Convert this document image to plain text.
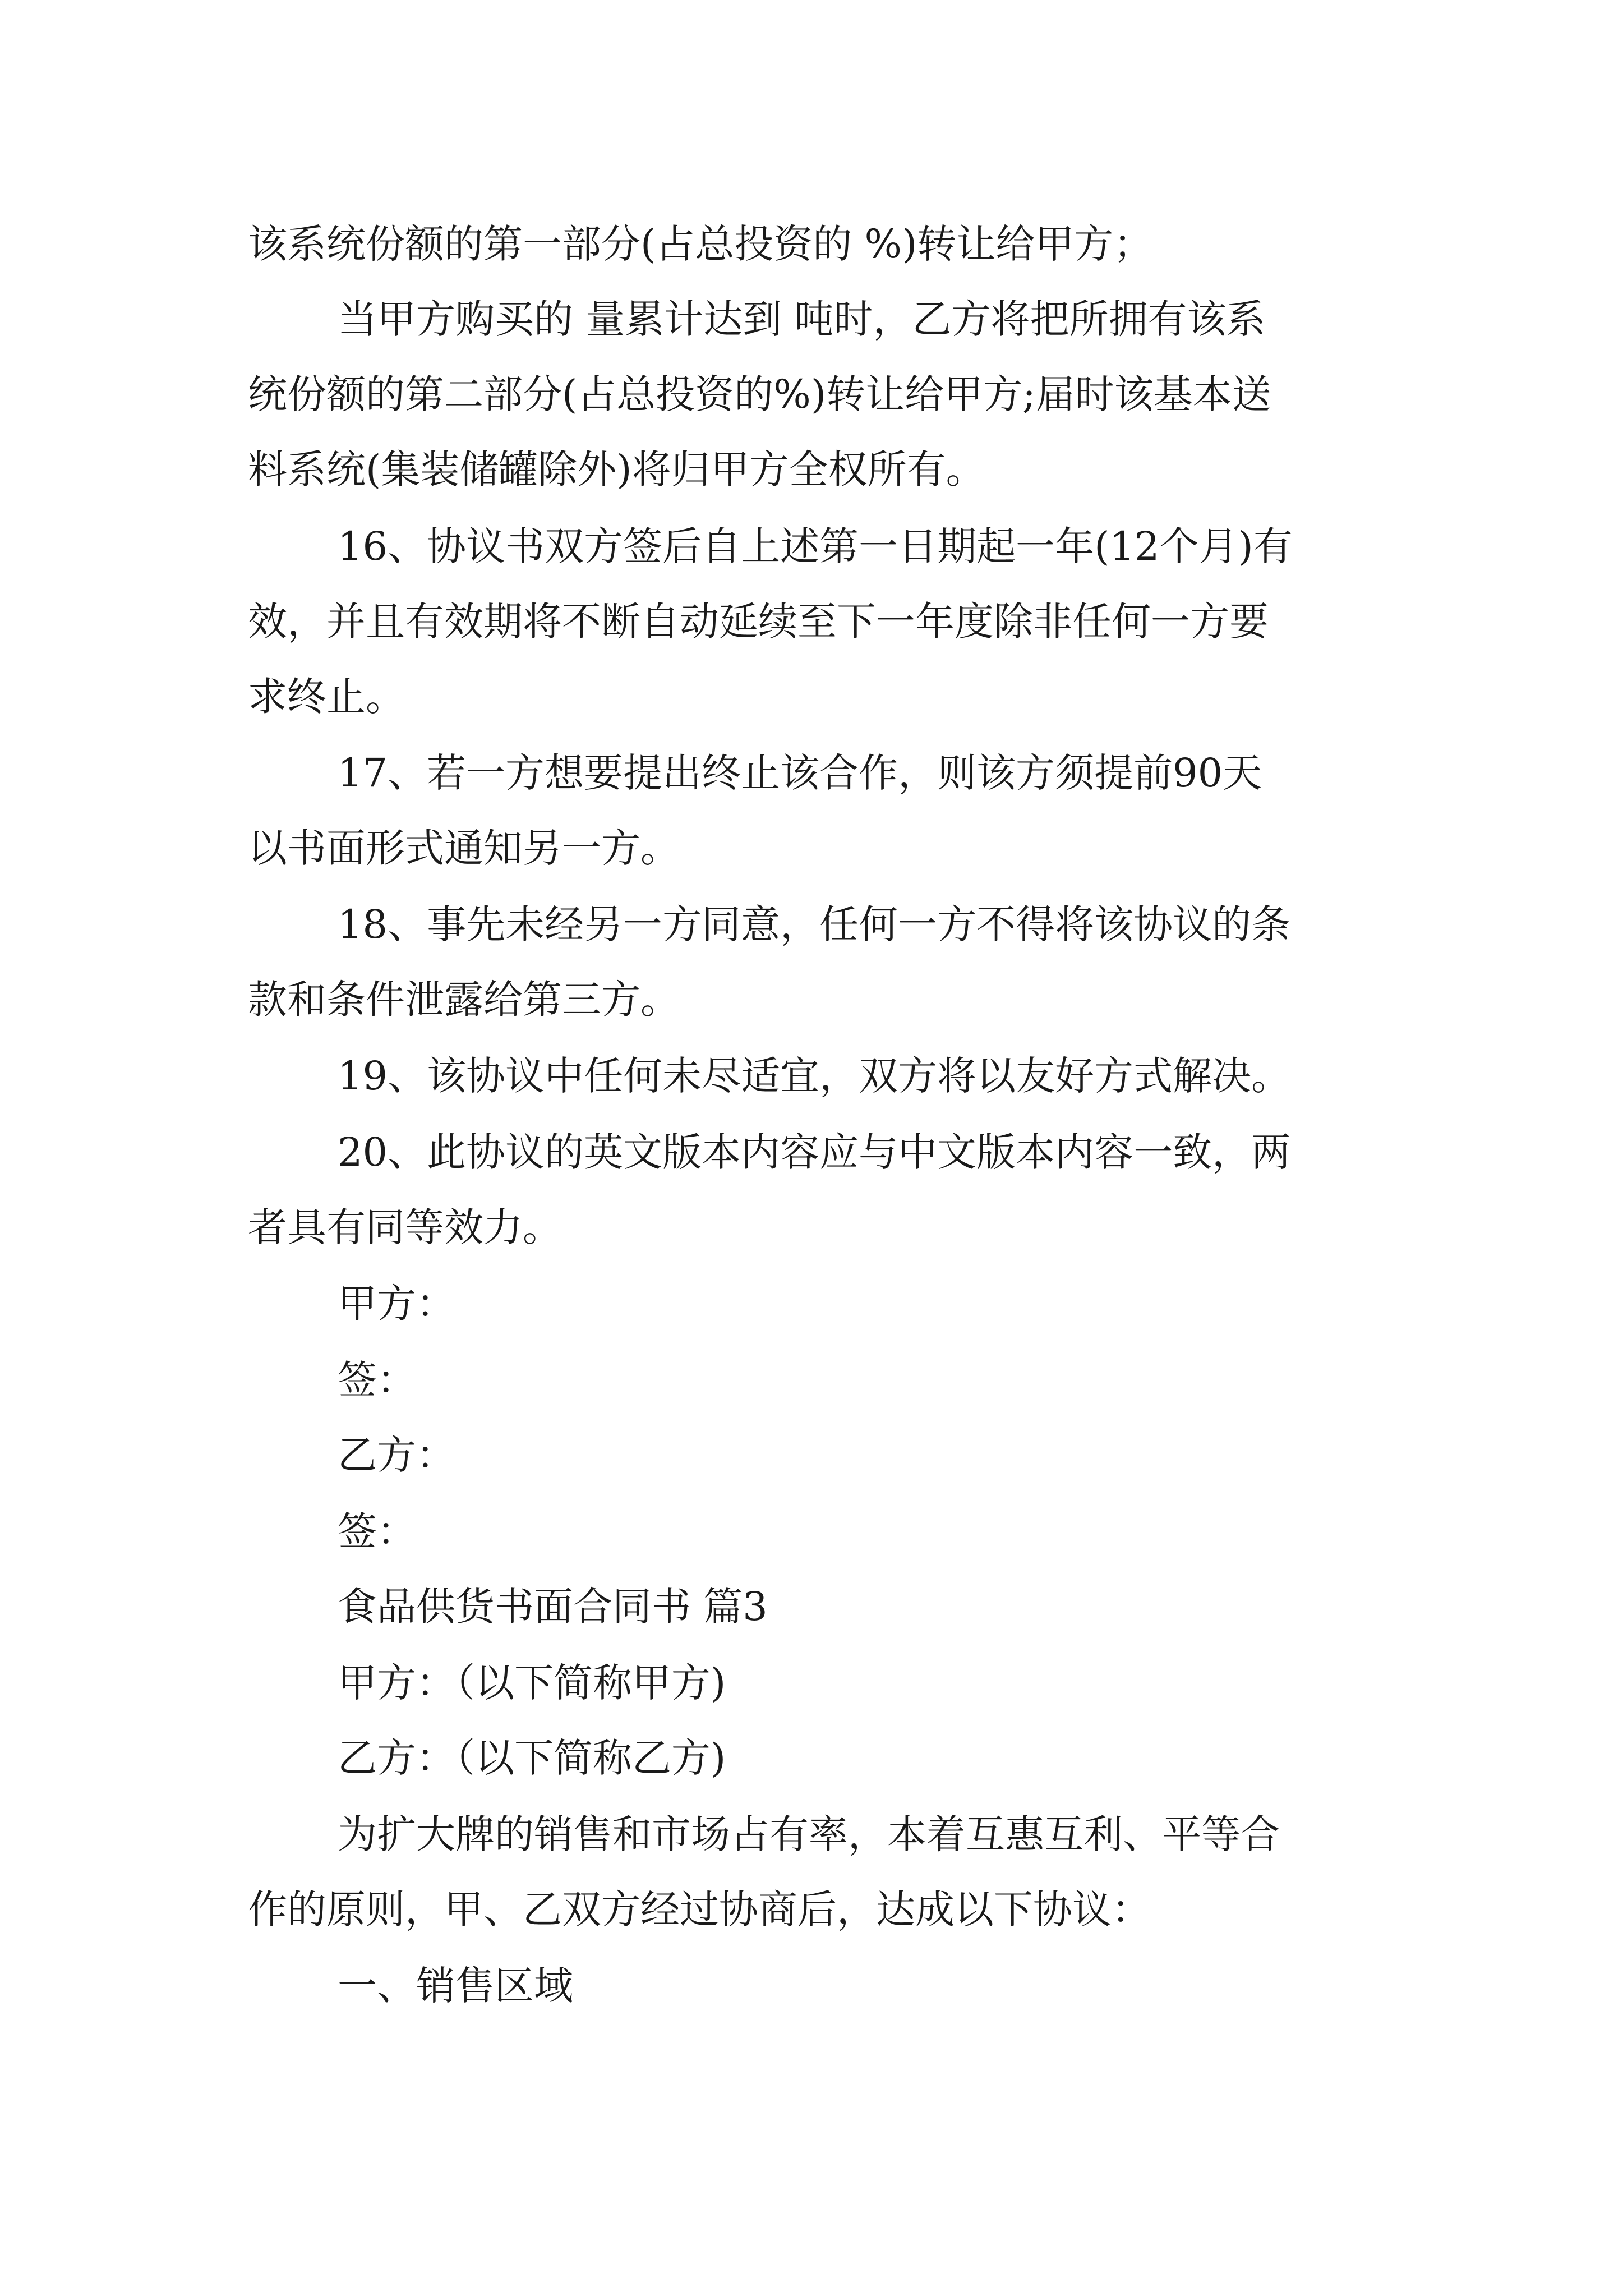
该系统份额的第一部分(占总投资的 %)转让给甲方；

当甲方购买的 量累计达到 吨时，乙方将把所拥有该系

统份额的第二部分(占总投资的%)转让给甲方;届时该基本送

料系统(集装储罐除外)将归甲方全权所有。

16、协议书双方签后自上述第一日期起一年(12个月)有

效，并且有效期将不断自动延续至下一年度除非任何一方要

求终止。

17、若一方想要提出终止该合作，则该方须提前90天

以书面形式通知另一方。

18、事先未经另一方同意，任何一方不得将该协议的条

款和条件泄露给第三方。

19、该协议中任何未尽适宜，双方将以友好方式解决。

20、此协议的英文版本内容应与中文版本内容一致，两

者具有同等效力。

甲方：

签：

乙方：

签：

食品供货书面合同书 篇3

甲方：（以下简称甲方)

乙方：（以下简称乙方)

为扩大牌的销售和市场占有率，本着互惠互利、平等合

作的原则，甲、乙双方经过协商后，达成以下协议：

一、销售区域
